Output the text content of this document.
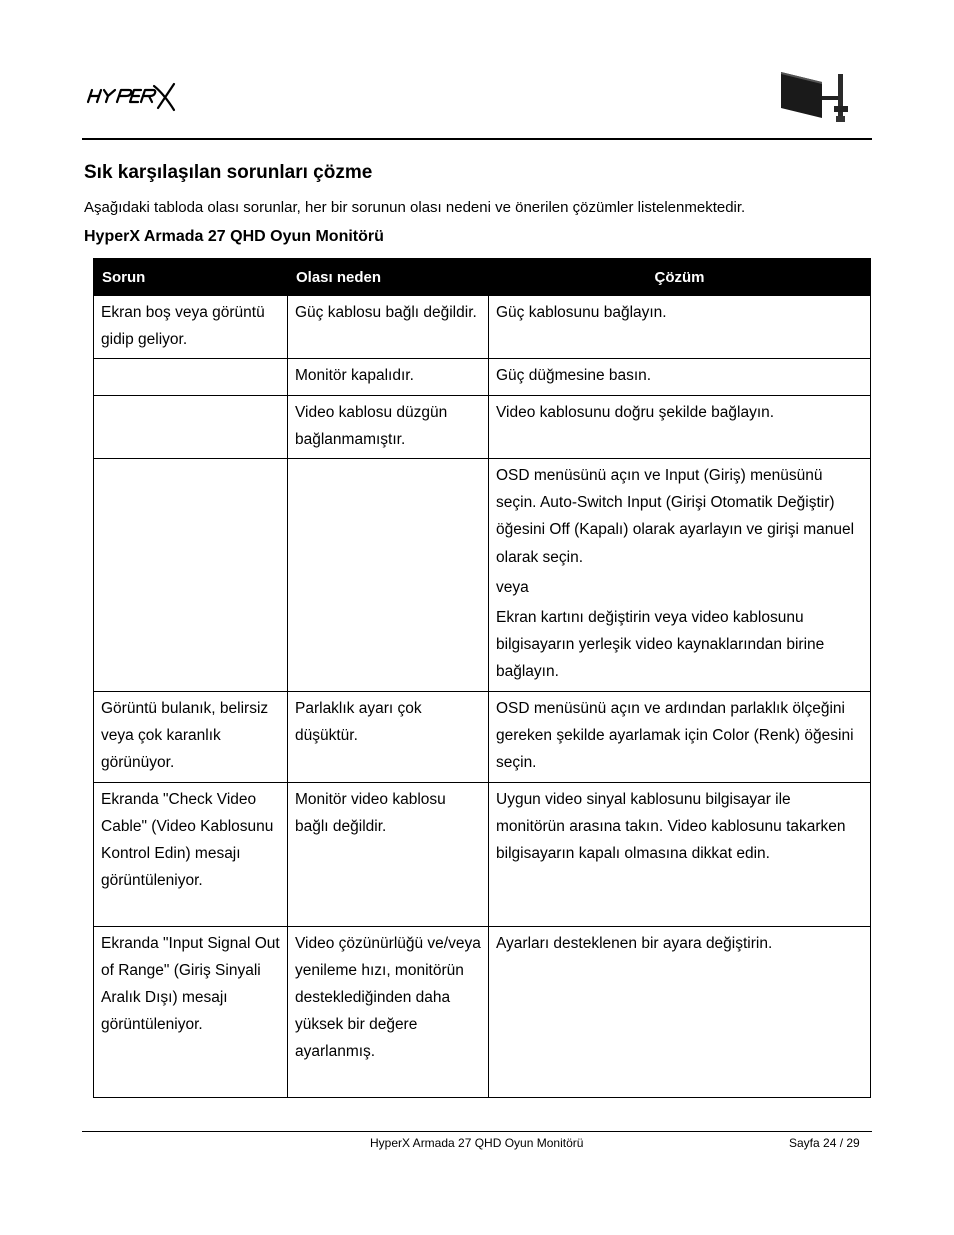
Sık karşılaşılan sorunları çözme

Aşağıdaki tabloda olası sorunlar, her bir sorunun olası nedeni ve önerilen çözümler listelenmektedir.

HyperX Armada 27 QHD Oyun Monitörü
Sorun	Olası neden	Çözüm
Ekran boş veya görüntü gidip geliyor.	Güç kablosu bağlı değildir.	Güç kablosunu bağlayın.

	Monitör kapalıdır.	Güç düğmesine basın.

	Video kablosu düzgün bağlanmamıştır.	Video kablosunu doğru şekilde bağlayın.

		OSD menüsünü açın ve Input (Giriş) menüsünü seçin. Auto-Switch Input (Girişi Otomatik Değiştir) öğesini Off (Kapalı) olarak ayarlayın ve girişi manuel olarak seçin.

veya

Ekran kartını değiştirin veya video kablosunu bilgisayarın yerleşik video kaynaklarından birine bağlayın.

Görüntü bulanık, belirsiz veya çok karanlık görünüyor.	Parlaklık ayarı çok düşüktür.	OSD menüsünü açın ve ardından parlaklık ölçeğini gereken şekilde ayarlamak için Color (Renk) öğesini seçin.

Ekranda "Check Video Cable" (Video Kablosunu Kontrol Edin) mesajı görüntüleniyor.	Monitör video kablosu bağlı değildir.	Uygun video sinyal kablosunu bilgisayar ile monitörün arasına takın. Video kablosunu takarken bilgisayarın kapalı olmasına dikkat edin.

Ekranda "Input Signal Out of Range" (Giriş Sinyali Aralık Dışı) mesajı görüntüleniyor.	Video çözünürlüğü ve/veya yenileme hızı, monitörün desteklediğinden daha yüksek bir değere ayarlanmış.	Ayarları desteklenen bir ayara değiştirin.

HyperX Armada 27 QHD Oyun Monitörü	Sayfa 24 / 29
